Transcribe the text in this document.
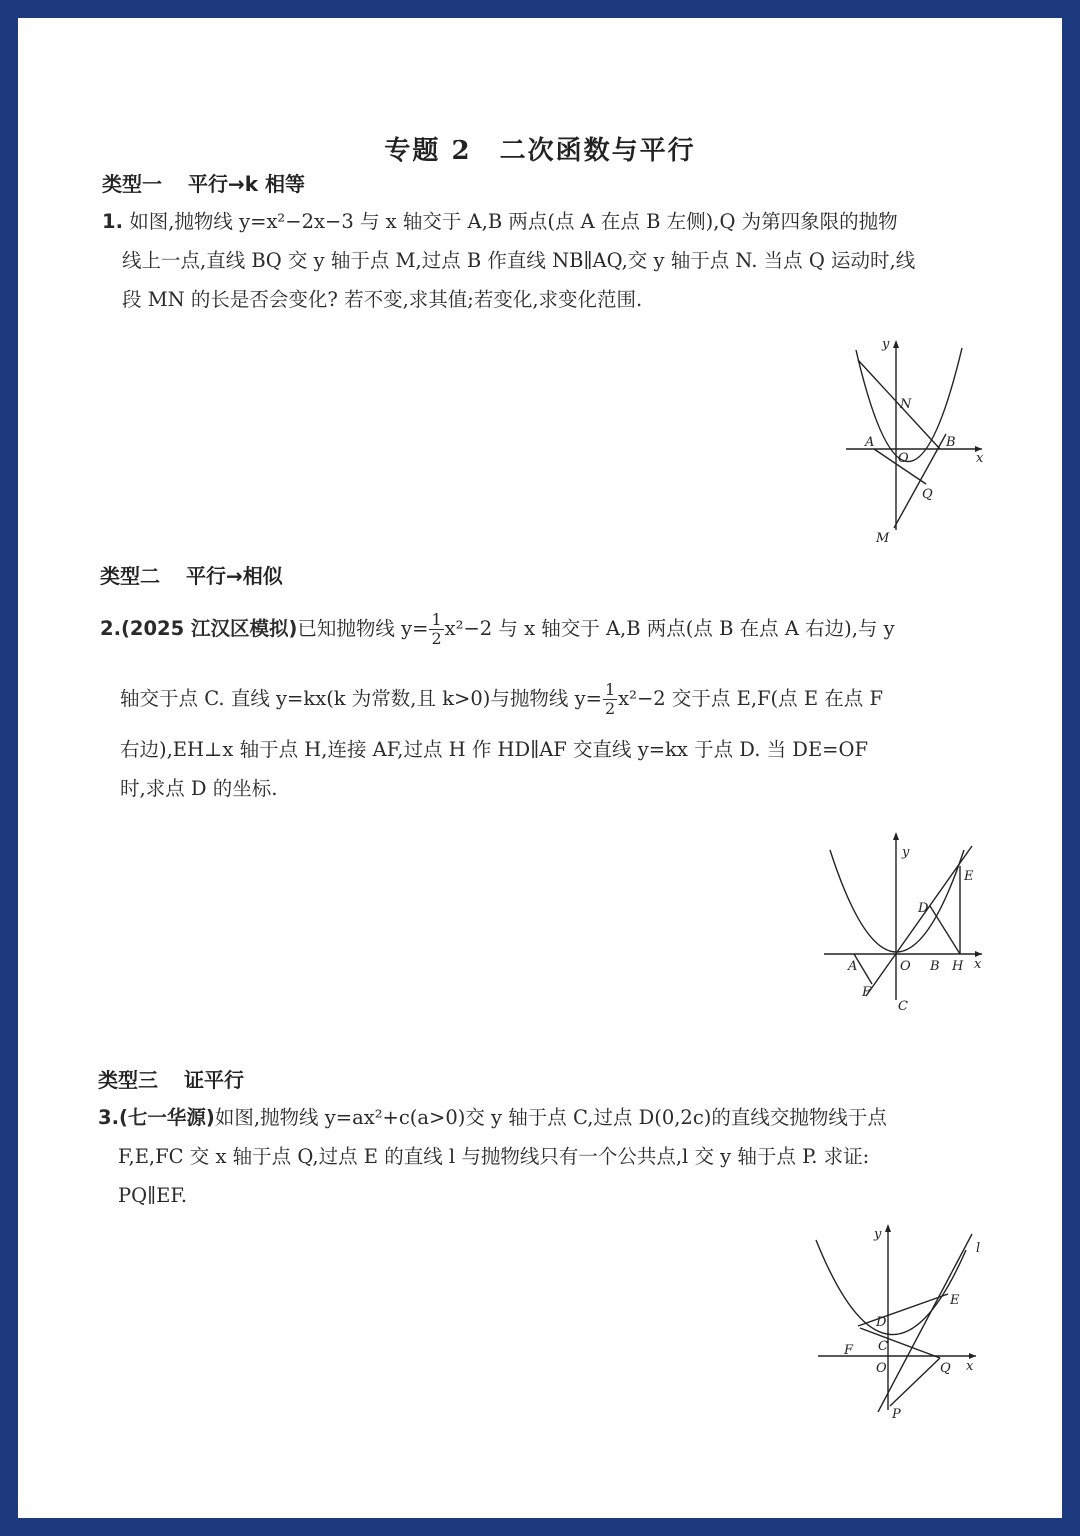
专题 2 二次函数与平行
类型一 平行→k 相等
1. 如图,抛物线 y=x²−2x−3 与 x 轴交于 A,B 两点(点 A 在点 B 左侧),Q 为第四象限的抛物
线上一点,直线 BQ 交 y 轴于点 M,过点 B 作直线 NB∥AQ,交 y 轴于点 N. 当点 Q 运动时,线
段 MN 的长是否会变化? 若不变,求其值;若变化,求变化范围.
y
x
N
A
O
B
Q
M
类型二 平行→相似
2.(2025 江汉区模拟)已知抛物线 $y= \frac{1}{2} x^2-2$ 与 x 轴交于 A,B 两点(点 B 在点 A 右边),与 y
轴交于点 C. 直线 y=kx(k 为常数,且 k>0)与抛物线 $y= \frac{1}{2} x^2-2$ 交于点 E,F(点 E 在点 F
右边),EH⊥x 轴于点 H,连接 AF,过点 H 作 HD∥AF 交直线 y=kx 于点 D. 当 DE=OF
时,求点 D 的坐标.
y
x
E
D
A	O B H
F
C
类型三 证平行
3.(七一华源)如图,抛物线 y=ax²+c(a>0)交 y 轴于点 C,过点 D(0,2c)的直线交抛物线于点
F,E,FC 交 x 轴于点 Q,过点 E 的直线 l 与抛物线只有一个公共点,l 交 y 轴于点 P. 求证:
PQ∥EF.
y
l
x
E
D
F C
O	Q
P
